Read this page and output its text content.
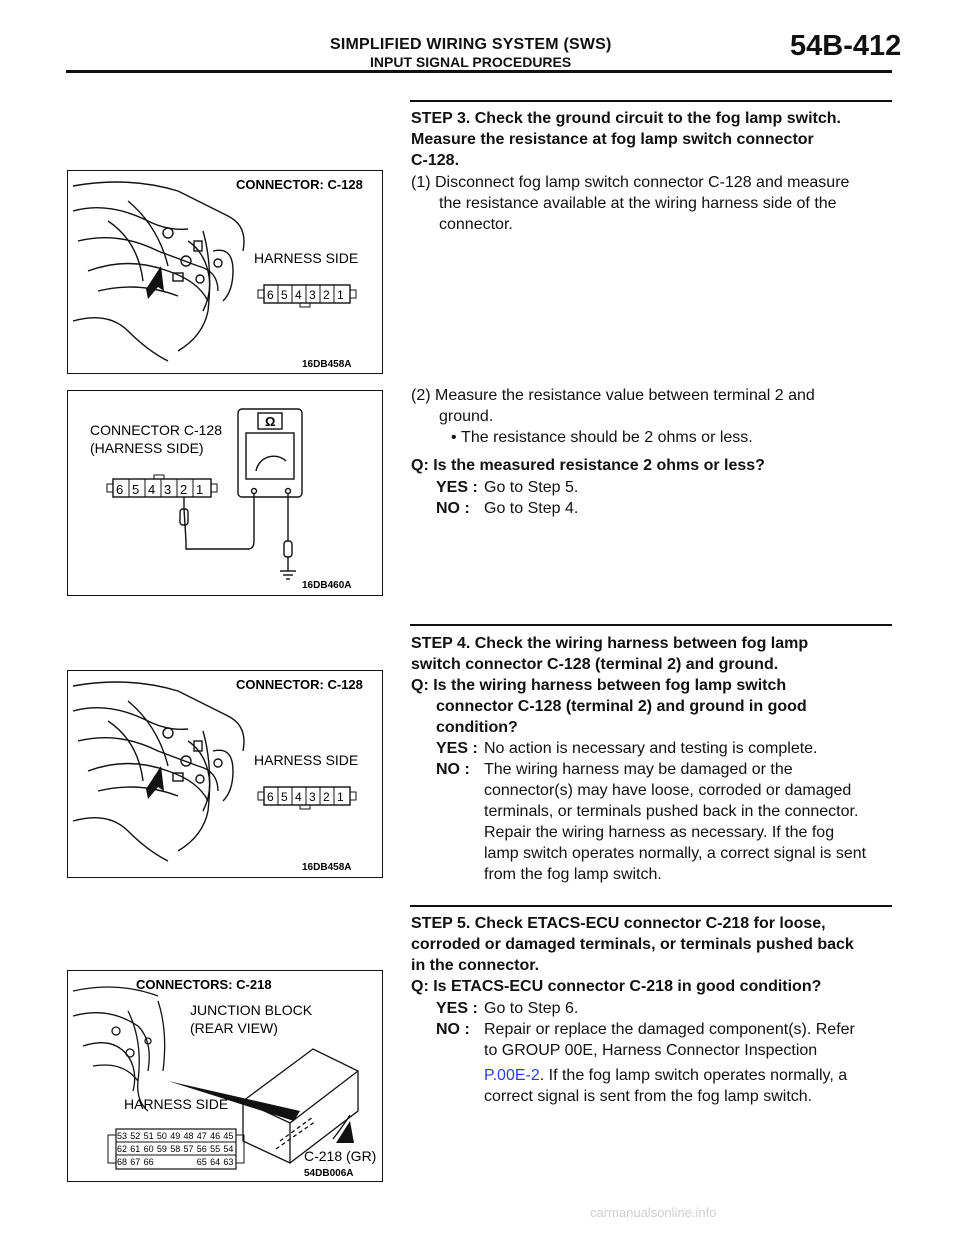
SIMPLIFIED WIRING SYSTEM (SWS)
INPUT SIGNAL PROCEDURES	54B-412
CONNECTOR: C-128
HARNESS SIDE
6 5 4 3 2 1
16DB458A
CONNECTOR C-128
(HARNESS SIDE)
6 5 4 3 2 1
Ω
16DB460A
CONNECTOR: C-128
HARNESS SIDE
6 5 4 3 2 1
16DB458A
CONNECTORS: C-218
JUNCTION BLOCK
(REAR VIEW)
HARNESS SIDE
53 52 51 50 49 48 47 46 45
62 61 60 59 58 57 56 55 54
68 67 66	65 64 63	C-218 (GR)
54DB006A
STEP 3. Check the ground circuit to the fog lamp switch.
Measure the resistance at fog lamp switch connector
C-128.
(1) Disconnect fog lamp switch connector C-128 and measure
the resistance available at the wiring harness side of the
connector.
(2) Measure the resistance value between terminal 2 and
ground.
• The resistance should be 2 ohms or less.
Q: Is the measured resistance 2 ohms or less?
YES : Go to Step 5.
NO : Go to Step 4.
STEP 4. Check the wiring harness between fog lamp
switch connector C-128 (terminal 2) and ground.
Q: Is the wiring harness between fog lamp switch
connector C-128 (terminal 2) and ground in good
condition?
YES : No action is necessary and testing is complete.
NO : The wiring harness may be damaged or the
connector(s) may have loose, corroded or damaged
terminals, or terminals pushed back in the connector.
Repair the wiring harness as necessary. If the fog
lamp switch operates normally, a correct signal is sent
from the fog lamp switch.
STEP 5. Check ETACS-ECU connector C-218 for loose,
corroded or damaged terminals, or terminals pushed back
in the connector.
Q: Is ETACS-ECU connector C-218 in good condition?
YES : Go to Step 6.
NO : Repair or replace the damaged component(s). Refer
to GROUP 00E, Harness Connector Inspection
P.00E-2. If the fog lamp switch operates normally, a
correct signal is sent from the fog lamp switch.
carmanualsonline.info
